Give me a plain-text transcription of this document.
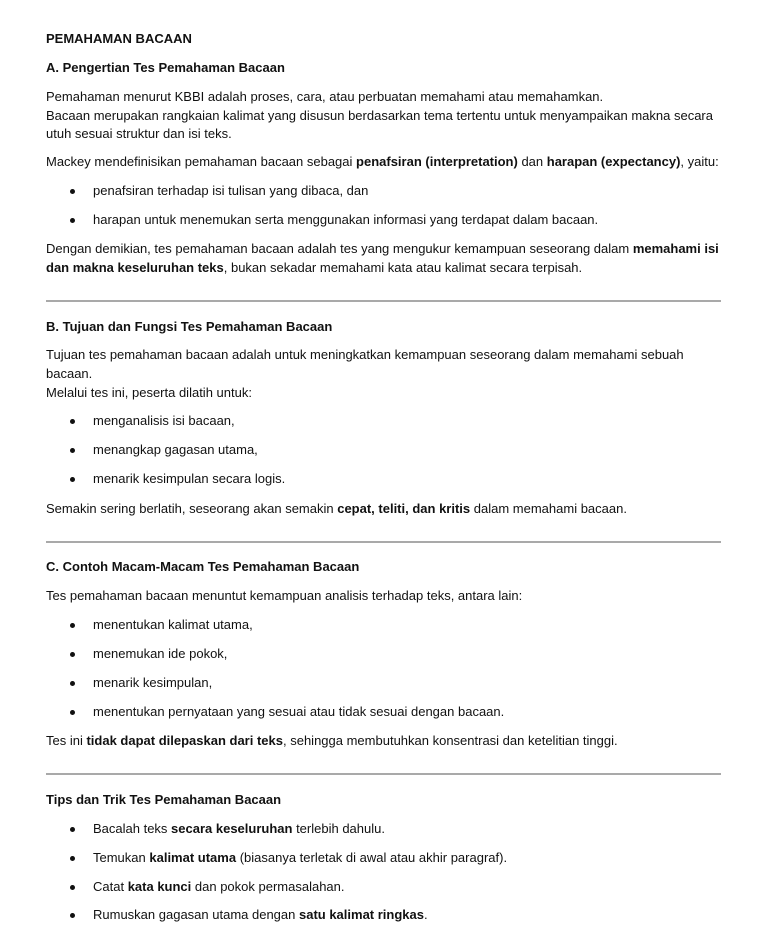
PEMAHAMAN BACAAN
A. Pengertian Tes Pemahaman Bacaan
Pemahaman menurut KBBI adalah proses, cara, atau perbuatan memahami atau memahamkan.
Bacaan merupakan rangkaian kalimat yang disusun berdasarkan tema tertentu untuk menyampaikan makna secara
utuh sesuai struktur dan isi teks.
Mackey mendefinisikan pemahaman bacaan sebagai penafsiran (interpretation) dan harapan (expectancy), yaitu:
penafsiran terhadap isi tulisan yang dibaca, dan
harapan untuk menemukan serta menggunakan informasi yang terdapat dalam bacaan.
Dengan demikian, tes pemahaman bacaan adalah tes yang mengukur kemampuan seseorang dalam memahami isi
dan makna keseluruhan teks, bukan sekadar memahami kata atau kalimat secara terpisah.
B. Tujuan dan Fungsi Tes Pemahaman Bacaan
Tujuan tes pemahaman bacaan adalah untuk meningkatkan kemampuan seseorang dalam memahami sebuah
bacaan.
Melalui tes ini, peserta dilatih untuk:
menganalisis isi bacaan,
menangkap gagasan utama,
menarik kesimpulan secara logis.
Semakin sering berlatih, seseorang akan semakin cepat, teliti, dan kritis dalam memahami bacaan.
C. Contoh Macam-Macam Tes Pemahaman Bacaan
Tes pemahaman bacaan menuntut kemampuan analisis terhadap teks, antara lain:
menentukan kalimat utama,
menemukan ide pokok,
menarik kesimpulan,
menentukan pernyataan yang sesuai atau tidak sesuai dengan bacaan.
Tes ini tidak dapat dilepaskan dari teks, sehingga membutuhkan konsentrasi dan ketelitian tinggi.
Tips dan Trik Tes Pemahaman Bacaan
Bacalah teks secara keseluruhan terlebih dahulu.
Temukan kalimat utama (biasanya terletak di awal atau akhir paragraf).
Catat kata kunci dan pokok permasalahan.
Rumuskan gagasan utama dengan satu kalimat ringkas.
